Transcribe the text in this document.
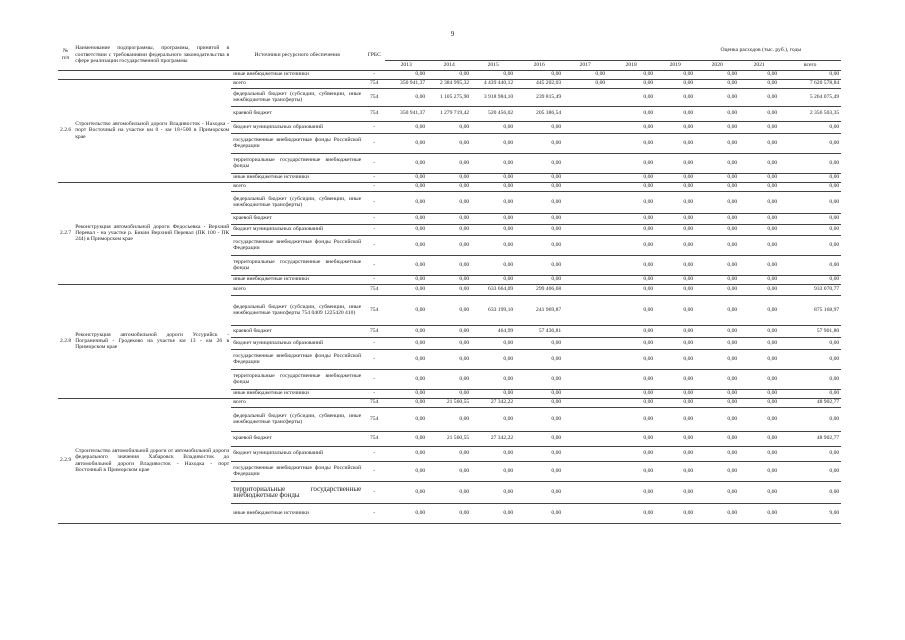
9
№ п/п	Наименование подпрограммы, программы, принятой в соответствии с требованиями федерального законодательства в сфере реализации государственной программы	Источники ресурсного обеспечения	ГРБС	Оценка расходов (тыс. руб.), годы									
				2013	2014	2015	2016	2017	2018	2019	2020	2021	всего
		иные внебюджетные источники	-	0,00	0,00	0,00	0,00	0,00	0,00	0,00	0,00	0,00	0,00
2.2.6	Строительство автомобильной дороги Владивосток - Находка - порт Восточный на участке км 0 - км 18+500 в Приморском крае	всего	754	350 941,37	2 384 995,32	4 439 440,12	445 202,03	0,00	0,00	0,00	0,00	0,00	7 620 578,84
		федеральный бюджет (субсидии, субвенции, иные межбюджетные трансферты)	754	0,00	1 105 275,90	3 918 984,10	239 815,49		0,00	0,00	0,00	0,00	5 264 075,49
		краевой бюджет	754	350 941,37	1 279 719,42	520 456,02	205 386,54		0,00	0,00	0,00	0,00	2 356 503,35
		бюджет муниципальных образований	-	0,00	0,00	0,00	0,00		0,00	0,00	0,00	0,00	0,00
		государственные внебюджетные фонды Российской Федерации	-	0,00	0,00	0,00	0,00		0,00	0,00	0,00	0,00	0,00
		территориальные государственные внебюджетные фонды	-	0,00	0,00	0,00	0,00		0,00	0,00	0,00	0,00	0,00
		иные внебюджетные источники	-	0,00	0,00	0,00	0,00		0,00	0,00	0,00	0,00	0,00
2.2.7	Реконструкция автомобильной дороги Федосьевка - Верхний Перевал - на участке р. Бикин Верхний Перевал (ПК 100 - ПК 244) в Приморском крае	всего	-	0,00	0,00	0,00	0,00		0,00	0,00	0,00	0,00	0,00
		федеральный бюджет (субсидии, субвенции, иные межбюджетные трансферты)	-	0,00	0,00	0,00	0,00		0,00	0,00	0,00	0,00	0,00
		краевой бюджет	-	0,00	0,00	0,00	0,00		0,00	0,00	0,00	0,00	0,00
		бюджет муниципальных образований	-	0,00	0,00	0,00	0,00		0,00	0,00	0,00	0,00	0,00
		государственные внебюджетные фонды Российской Федерации	-	0,00	0,00	0,00	0,00		0,00	0,00	0,00	0,00	0,00
		территориальные государственные внебюджетные фонды	-	0,00	0,00	0,00	0,00		0,00	0,00	0,00	0,00	0,00
		иные внебюджетные источники	-	0,00	0,00	0,00	0,00		0,00	0,00	0,00	0,00	0,00
2.2.8	Реконструкция автомобильной дороги Уссурийск - Пограничный - Гродеково на участке км 13 - км 26 в Приморском крае	всего	754	0,00	0,00	633 664,09	299 406,68		0,00	0,00	0,00	0,00	933 070,77
		федеральный бюджет (субсидии, субвенции, иные межбюджетные трансферты 754 0409 1225420 410)	754	0,00	0,00	633 199,10	241 969,87		0,00	0,00	0,00	0,00	875 168,97
		краевой бюджет	754	0,00	0,00	464,99	57 436,81		0,00	0,00	0,00	0,00	57 901,80
		бюджет муниципальных образований	-	0,00	0,00	0,00	0,00		0,00	0,00	0,00	0,00	0,00
		государственные внебюджетные фонды Российской Федерации	-	0,00	0,00	0,00	0,00		0,00	0,00	0,00	0,00	0,00
		территориальные государственные внебюджетные фонды	-	0,00	0,00	0,00	0,00		0,00	0,00	0,00	0,00	0,00
		иные внебюджетные источники	-	0,00	0,00	0,00	0,00		0,00	0,00	0,00	0,00	0,00
2.2.9	Строительство автомобильной дороги от автомобильной дороги федерального значения Хабаровск Владивосток до автомобильной дороги Владивосток - Находка - порт Восточный в Приморском крае	всего	754	0,00	21 560,55	27 342,22	0,00		0,00	0,00	0,00	0,00	48 902,77
		федеральный бюджет (субсидии, субвенции, иные межбюджетные трансферты)	754	0,00	0,00	0,00	0,00		0,00	0,00	0,00	0,00	0,00
		краевой бюджет	754	0,00	21 560,55	27 342,22	0,00		0,00	0,00	0,00	0,00	48 902,77
		бюджет муниципальных образований	-	0,00	0,00	0,00	0,00		0,00	0,00	0,00	0,00	0,00
		государственные внебюджетные фонды Российской Федерации	-	0,00	0,00	0,00	0,00		0,00	0,00	0,00	0,00	0,00
		территориальные государственные внебюджетные фонды	-	0,00	0,00	0,00	0,00		0,00	0,00	0,00	0,00	0,00
		иные внебюджетные источники	-	0,00	0,00	0,00	0,00		0,00	0,00	0,00	0,00	9,00
